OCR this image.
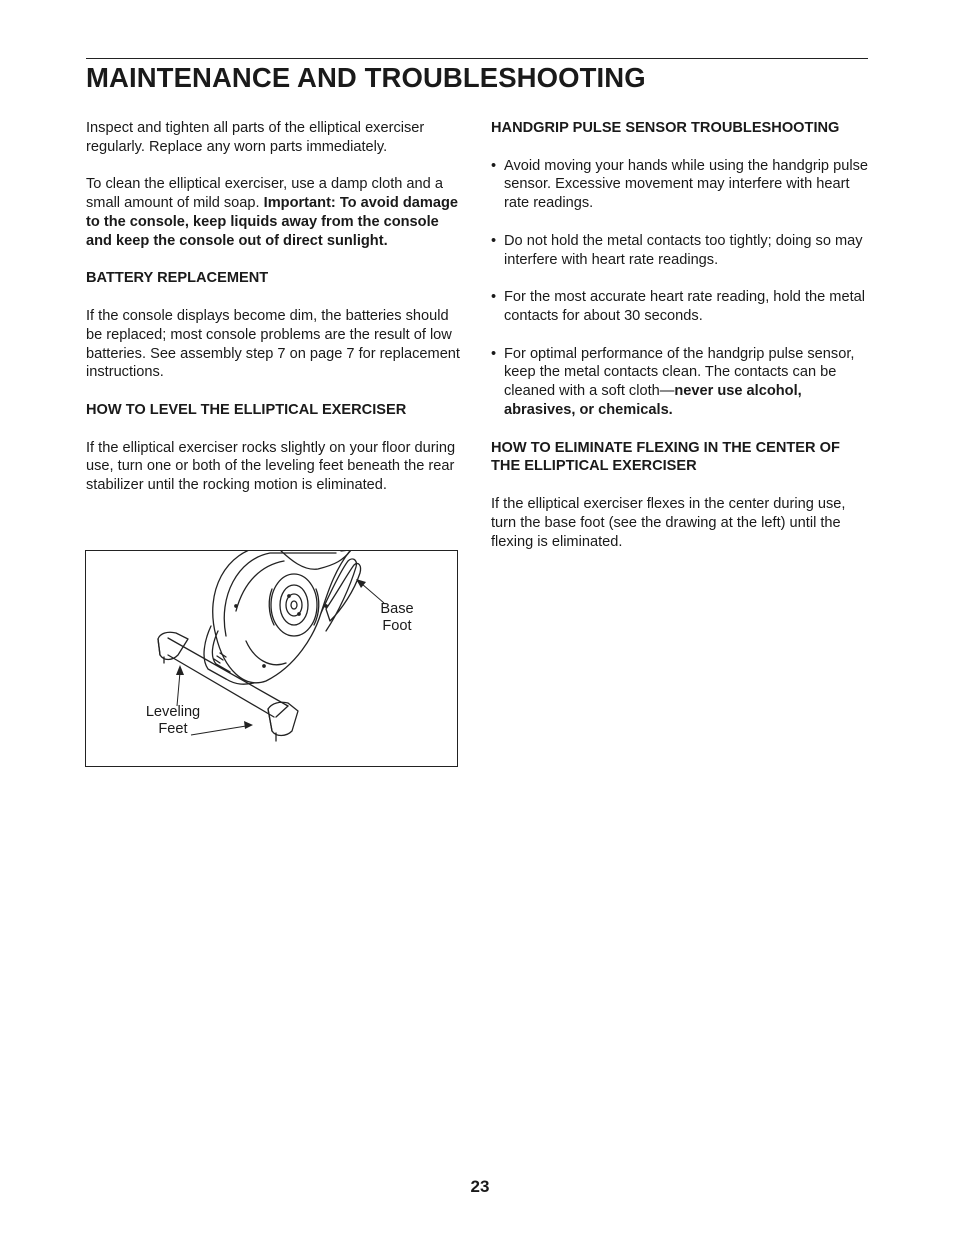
MAINTENANCE AND TROUBLESHOOTING

Inspect and tighten all parts of the elliptical exerciser regularly. Replace any worn parts immediately.

To clean the elliptical exerciser, use a damp cloth and a small amount of mild soap. Important: To avoid damage to the console, keep liquids away from the console and keep the console out of direct sunlight.

BATTERY REPLACEMENT

If the console displays become dim, the batteries should be replaced; most console problems are the result of low batteries. See assembly step 7 on page 7 for replacement instructions.

HOW TO LEVEL THE ELLIPTICAL EXERCISER

If the elliptical exerciser rocks slightly on your floor during use, turn one or both of the leveling feet beneath the rear stabilizer until the rocking motion is eliminated.

Base
Foot
Leveling
Feet
HANDGRIP PULSE SENSOR TROUBLESHOOTING
• Avoid moving your hands while using the handgrip pulse sensor. Excessive movement may interfere with heart rate readings.
• Do not hold the metal contacts too tightly; doing so may interfere with heart rate readings.
• For the most accurate heart rate reading, hold the metal contacts for about 30 seconds.
• For optimal performance of the handgrip pulse sensor, keep the metal contacts clean. The contacts can be cleaned with a soft cloth—never use alcohol, abrasives, or chemicals.
HOW TO ELIMINATE FLEXING IN THE CENTER OF THE ELLIPTICAL EXERCISER

If the elliptical exerciser flexes in the center during use, turn the base foot (see the drawing at the left) until the flexing is eliminated.

23
